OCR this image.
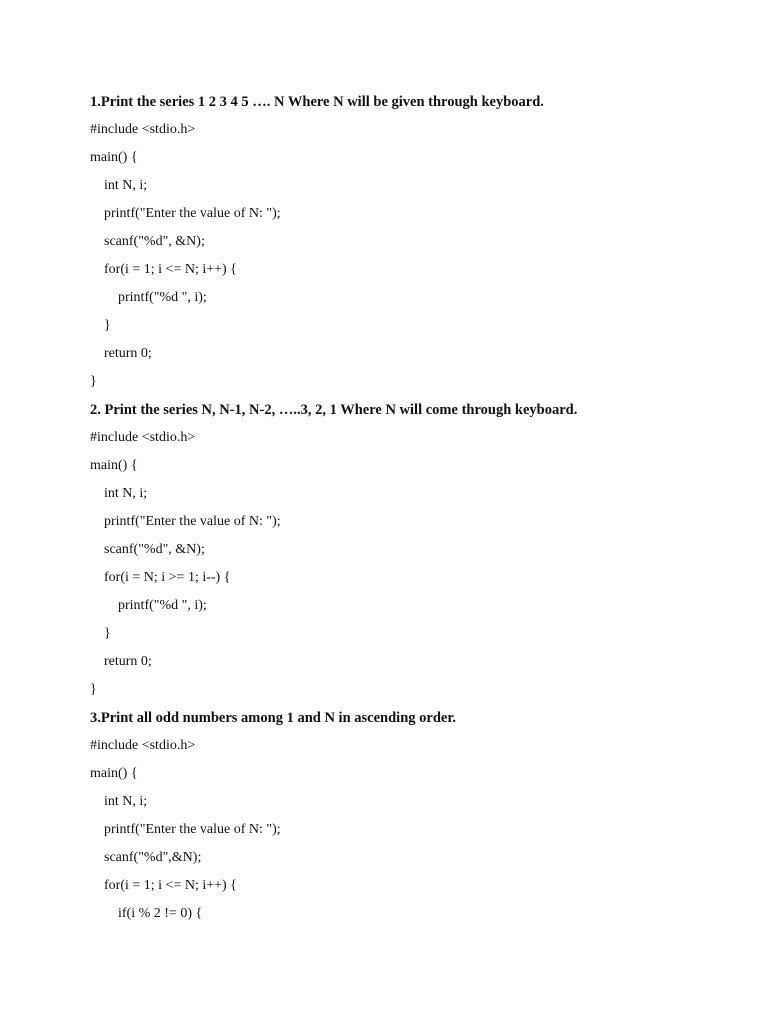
1.Print the series 1 2 3 4 5 …. N Where N will be given through keyboard.
#include <stdio.h>
main() {
int N, i;
printf("Enter the value of N: ");
scanf("%d", &N);
for(i = 1; i <= N; i++) {
printf("%d ", i);
}
return 0;
}
2. Print the series N, N-1, N-2, …..3, 2, 1 Where N will come through keyboard.
#include <stdio.h>
main() {
int N, i;
printf("Enter the value of N: ");
scanf("%d", &N);
for(i = N; i >= 1; i--) {
printf("%d ", i);
}
return 0;
}
3.Print all odd numbers among 1 and N in ascending order.
#include <stdio.h>
main() {
int N, i;
printf("Enter the value of N: ");
scanf("%d",&N);
for(i = 1; i <= N; i++) {
if(i % 2 != 0) {
